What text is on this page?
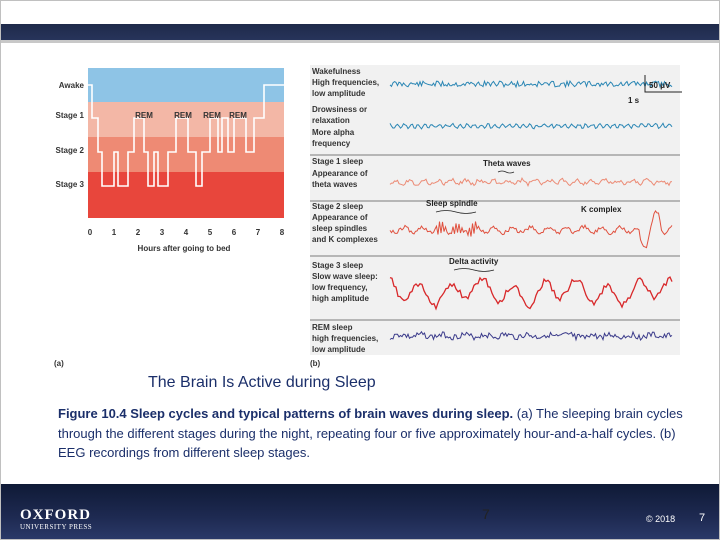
Awake
Stage 1
Stage 2
Stage 3
REM	REM REM REM
0 1 2 3 4 5 6 7 8
Hours after going to bed
(a)
Wakefulness High frequencies, low amplitude
Drowsiness or relaxation More alpha frequency
Stage 1 sleep Appearance of theta waves
Stage 2 sleep Appearance of sleep spindles and K complexes
Stage 3 sleep Slow wave sleep: low frequency, high amplitude
REM sleep high frequencies, low amplitude
50 μV
1 s
Theta waves
Sleep spindle
K complex
Delta activity
(b)
The Brain Is Active during Sleep
Figure 10.4 Sleep cycles and typical patterns of brain waves during sleep. (a) The sleeping brain cycles through the different stages during the night, repeating four or five approximately hour-and-a-half cycles. (b) EEG recordings from different sleep stages.
OXFORD
UNIVERSITY PRESS
7	© 2018 7
